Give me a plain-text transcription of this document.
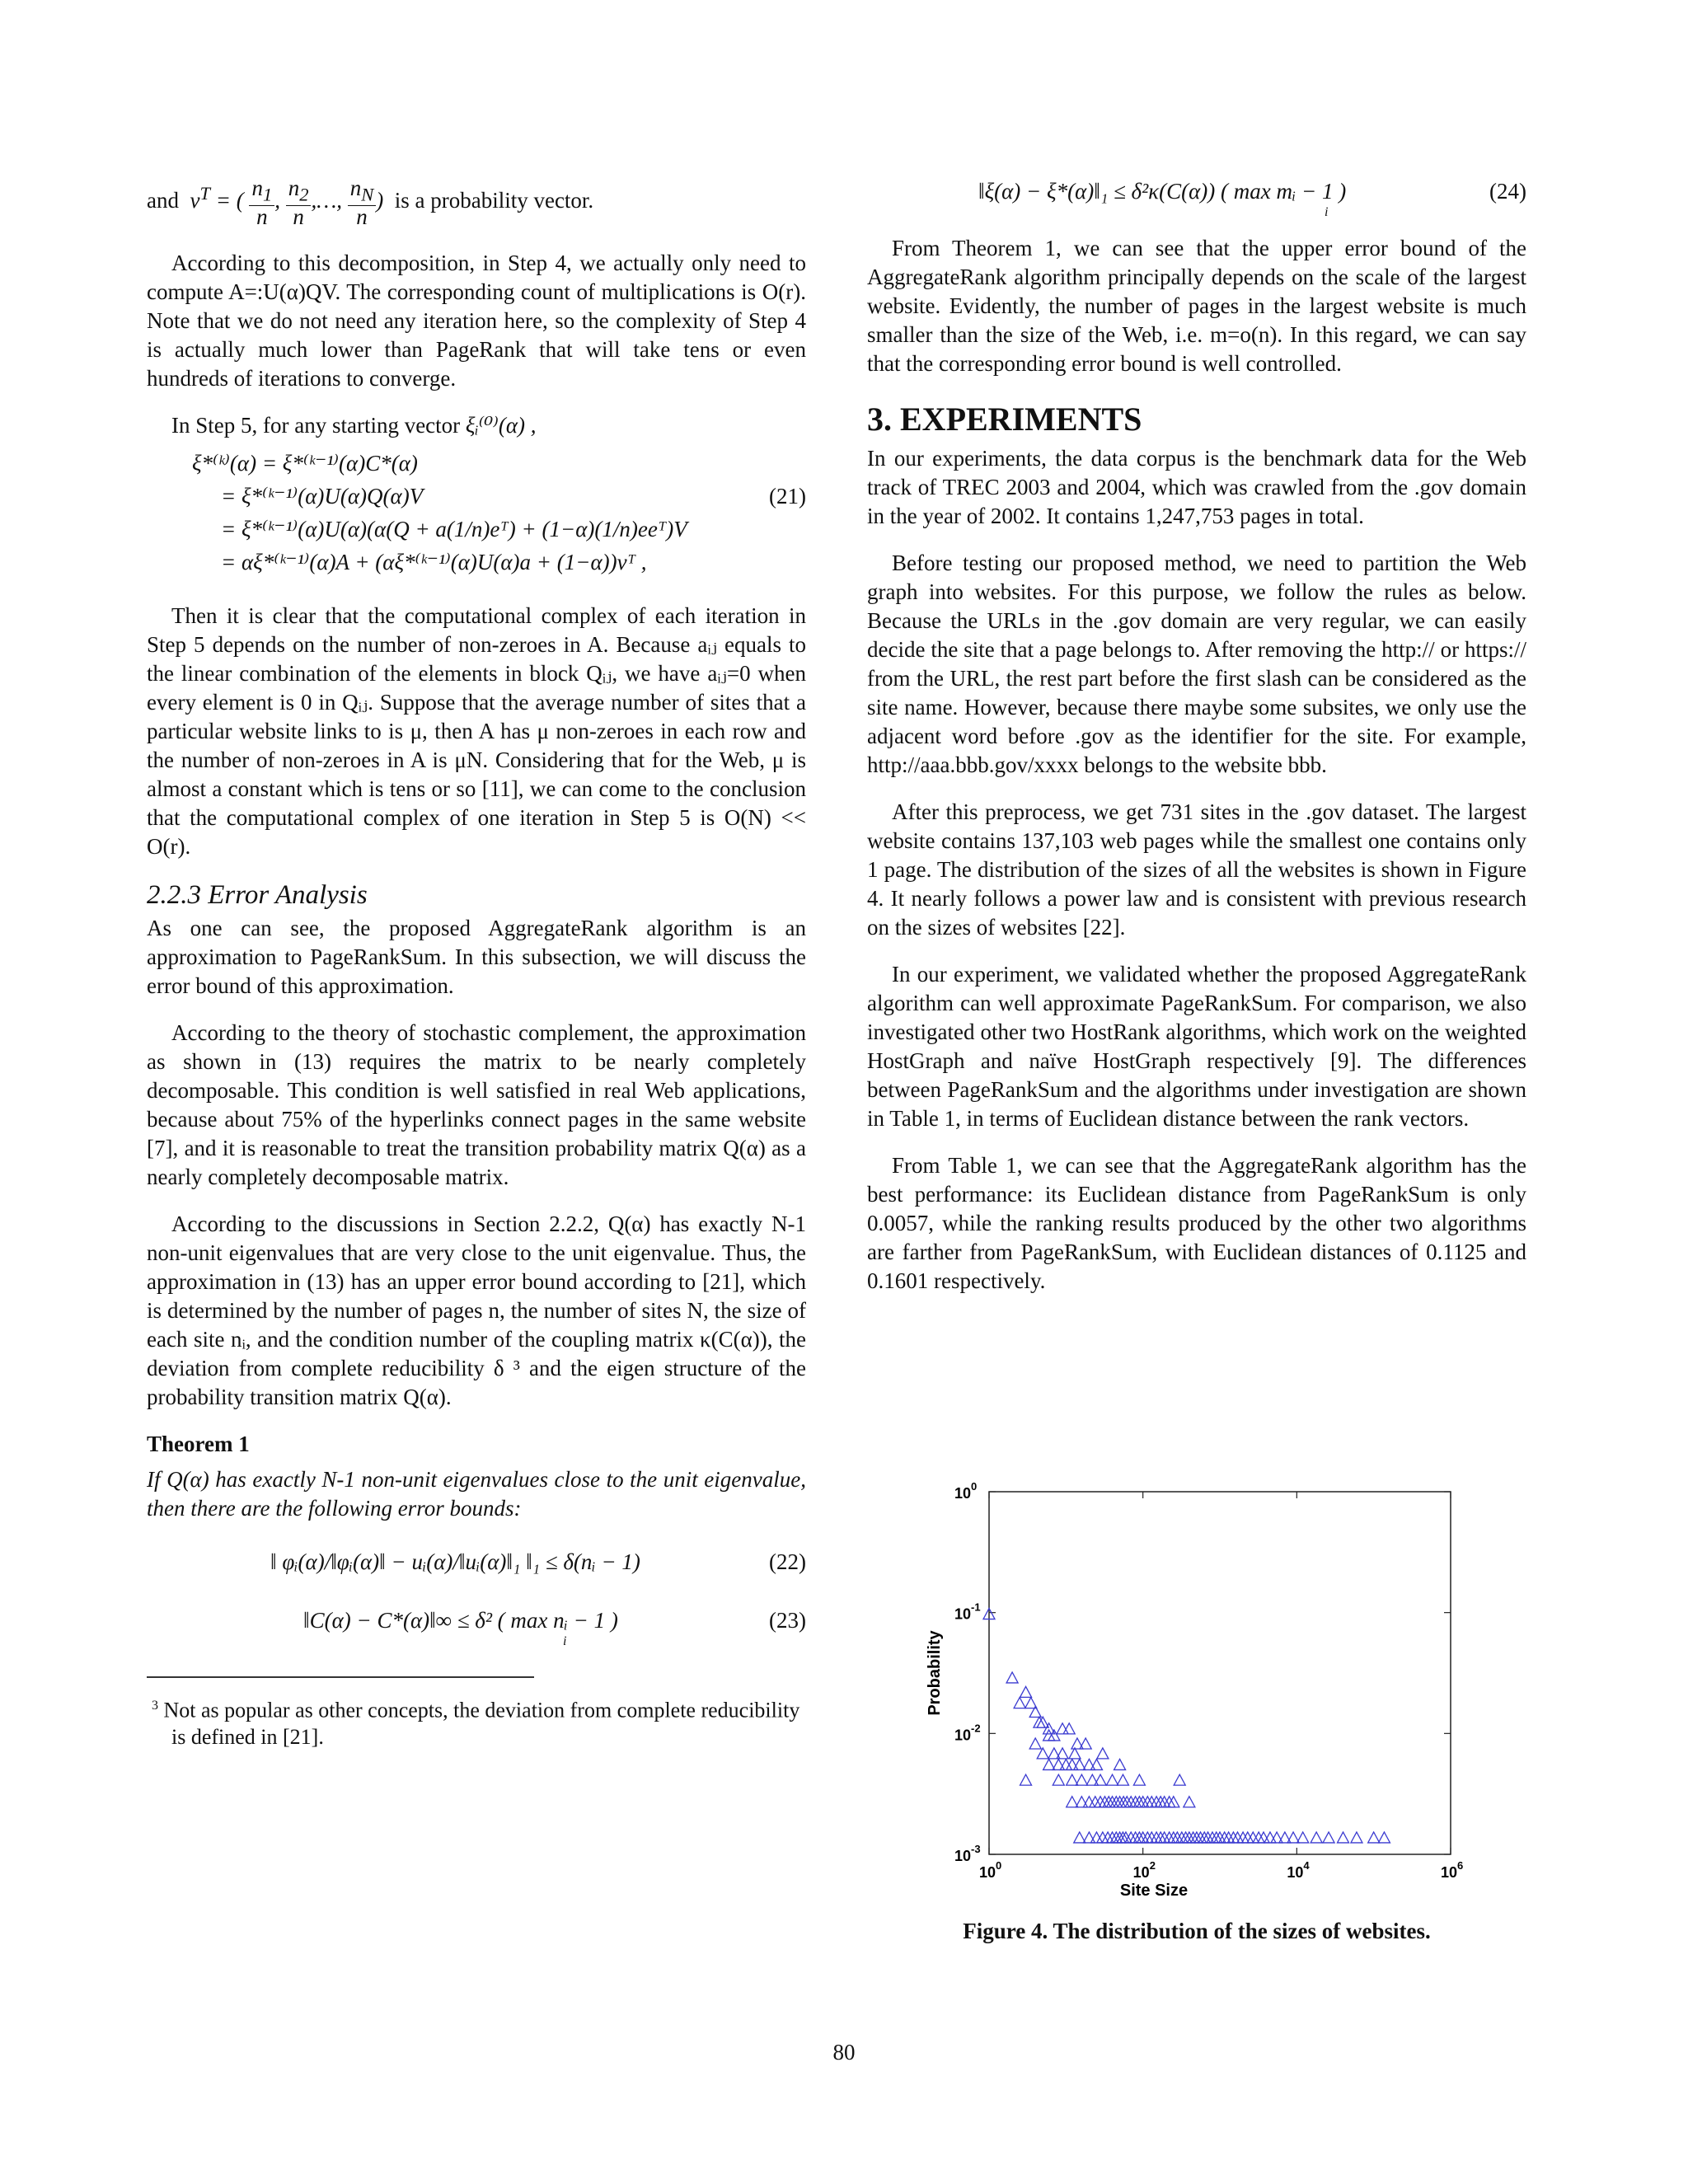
and $v^T$ = ( $\frac{n_1}{n}$ , $\frac{n_2}{n}$ ,…, $\frac{n_N}{n}$ )  is a probability vector.

According to this decomposition, in Step 4, we actually only need to compute A=:U(α)QV. The corresponding count of multiplications is O(r). Note that we do not need any iteration here, so the complexity of Step 4 is actually much lower than PageRank that will take tens or even hundreds of iterations to converge.

In Step 5, for any starting vector ξᵢ⁽⁰⁾(α) ,

ξ*⁽ᵏ⁾(α) = ξ*⁽ᵏ⁻¹⁾(α)C*(α)
= ξ*⁽ᵏ⁻¹⁾(α)U(α)Q(α)V	(21)
= ξ*⁽ᵏ⁻¹⁾(α)U(α)(α(Q + a(1/n)eᵀ) + (1−α)(1/n)eeᵀ)V
= αξ*⁽ᵏ⁻¹⁾(α)A + (αξ*⁽ᵏ⁻¹⁾(α)U(α)a + (1−α))vᵀ ,

Then it is clear that the computational complex of each iteration in Step 5 depends on the number of non-zeroes in A. Because aᵢⱼ equals to the linear combination of the elements in block Qᵢⱼ, we have aᵢⱼ=0 when every element is 0 in Qᵢⱼ. Suppose that the average number of sites that a particular website links to is μ, then A has μ non-zeroes in each row and the number of non-zeroes in A is μN. Considering that for the Web, μ is almost a constant which is tens or so [11], we can come to the conclusion that the computational complex of one iteration in Step 5 is O(N) << O(r).

2.2.3 Error Analysis

As one can see, the proposed AggregateRank algorithm is an approximation to PageRankSum. In this subsection, we will discuss the error bound of this approximation.

According to the theory of stochastic complement, the approximation as shown in (13) requires the matrix to be nearly completely decomposable. This condition is well satisfied in real Web applications, because about 75% of the hyperlinks connect pages in the same website [7], and it is reasonable to treat the transition probability matrix Q(α) as a nearly completely decomposable matrix.

According to the discussions in Section 2.2.2, Q(α) has exactly N-1 non-unit eigenvalues that are very close to the unit eigenvalue. Thus, the approximation in (13) has an upper error bound according to [21], which is determined by the number of pages n, the number of sites N, the size of each site nᵢ, and the condition number of the coupling matrix κ(C(α)), the deviation from complete reducibility δ ³ and the eigen structure of the probability transition matrix Q(α).

Theorem 1
If Q(α) has exactly N-1 non-unit eigenvalues close to the unit eigenvalue, then there are the following error bounds:
‖ φᵢ(α)/‖φᵢ(α)‖ − uᵢ(α)/‖uᵢ(α)‖₁ ‖₁ ≤ δ(nᵢ − 1)	(22)
‖C(α) − C*(α)‖∞ ≤ δ² ( max nᵢ − 1 )	(23)
i
$^3$ Not as popular as other concepts, the deviation from complete reducibility is defined in [21].
‖ξ(α) − ξ*(α)‖₁ ≤ δ²κ(C(α)) ( max mᵢ − 1 )	(24)
i

From Theorem 1, we can see that the upper error bound of the AggregateRank algorithm principally depends on the scale of the largest website. Evidently, the number of pages in the largest website is much smaller than the size of the Web, i.e. m=o(n). In this regard, we can say that the corresponding error bound is well controlled.

3. EXPERIMENTS

In our experiments, the data corpus is the benchmark data for the Web track of TREC 2003 and 2004, which was crawled from the .gov domain in the year of 2002. It contains 1,247,753 pages in total.

Before testing our proposed method, we need to partition the Web graph into websites. For this purpose, we follow the rules as below. Because the URLs in the .gov domain are very regular, we can easily decide the site that a page belongs to. After removing the http:// or https:// from the URL, the rest part before the first slash can be considered as the site name. However, because there maybe some subsites, we only use the adjacent word before .gov as the identifier for the site. For example, http://aaa.bbb.gov/xxxx belongs to the website bbb.

After this preprocess, we get 731 sites in the .gov dataset. The largest website contains 137,103 web pages while the smallest one contains only 1 page. The distribution of the sizes of all the websites is shown in Figure 4. It nearly follows a power law and is consistent with previous research on the sizes of websites [22].

In our experiment, we validated whether the proposed AggregateRank algorithm can well approximate PageRankSum. For comparison, we also investigated other two HostRank algorithms, which work on the weighted HostGraph and naïve HostGraph respectively [9]. The differences between PageRankSum and the algorithms under investigation are shown in Table 1, in terms of Euclidean distance between the rank vectors.

From Table 1, we can see that the AggregateRank algorithm has the best performance: its Euclidean distance from PageRankSum is only 0.0057, while the ranking results produced by the other two algorithms are farther from PageRankSum, with Euclidean distances of 0.1125 and 0.1601 respectively.

$10^0$
$10^{-1}$
$10^{-2}$
$10^{-3}$
$10^0$	$10^2$	$10^4$	$10^6$
Site Size
Probability
Figure 4. The distribution of the sizes of websites.
80
